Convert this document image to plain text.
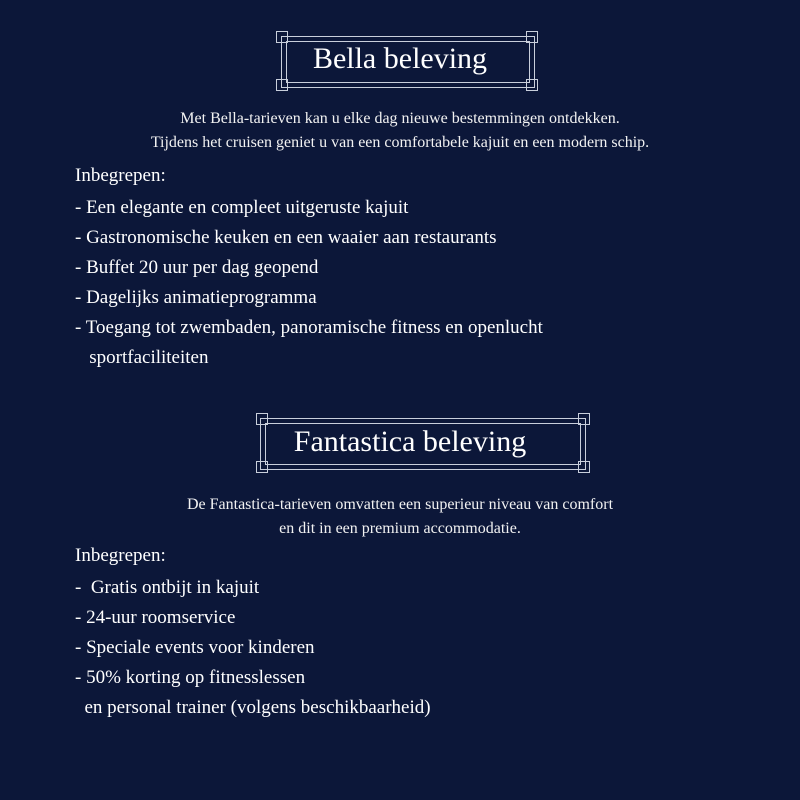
Bella beleving
Met Bella-tarieven kan u elke dag nieuwe bestemmingen ontdekken.
Tijdens het cruisen geniet u van een comfortabele kajuit en een modern schip.
Inbegrepen:
- Een elegante en compleet uitgeruste kajuit
- Gastronomische keuken en een waaier aan restaurants
- Buffet 20 uur per dag geopend
- Dagelijks animatieprogramma
- Toegang tot zwembaden, panoramische fitness en openlucht
sportfaciliteiten
Fantastica beleving
De Fantastica-tarieven omvatten een superieur niveau van comfort
en dit in een premium accommodatie.
Inbegrepen:
-  Gratis ontbijt in kajuit
- 24-uur roomservice
- Speciale events voor kinderen
- 50% korting op fitnesslessen
en personal trainer (volgens beschikbaarheid)
